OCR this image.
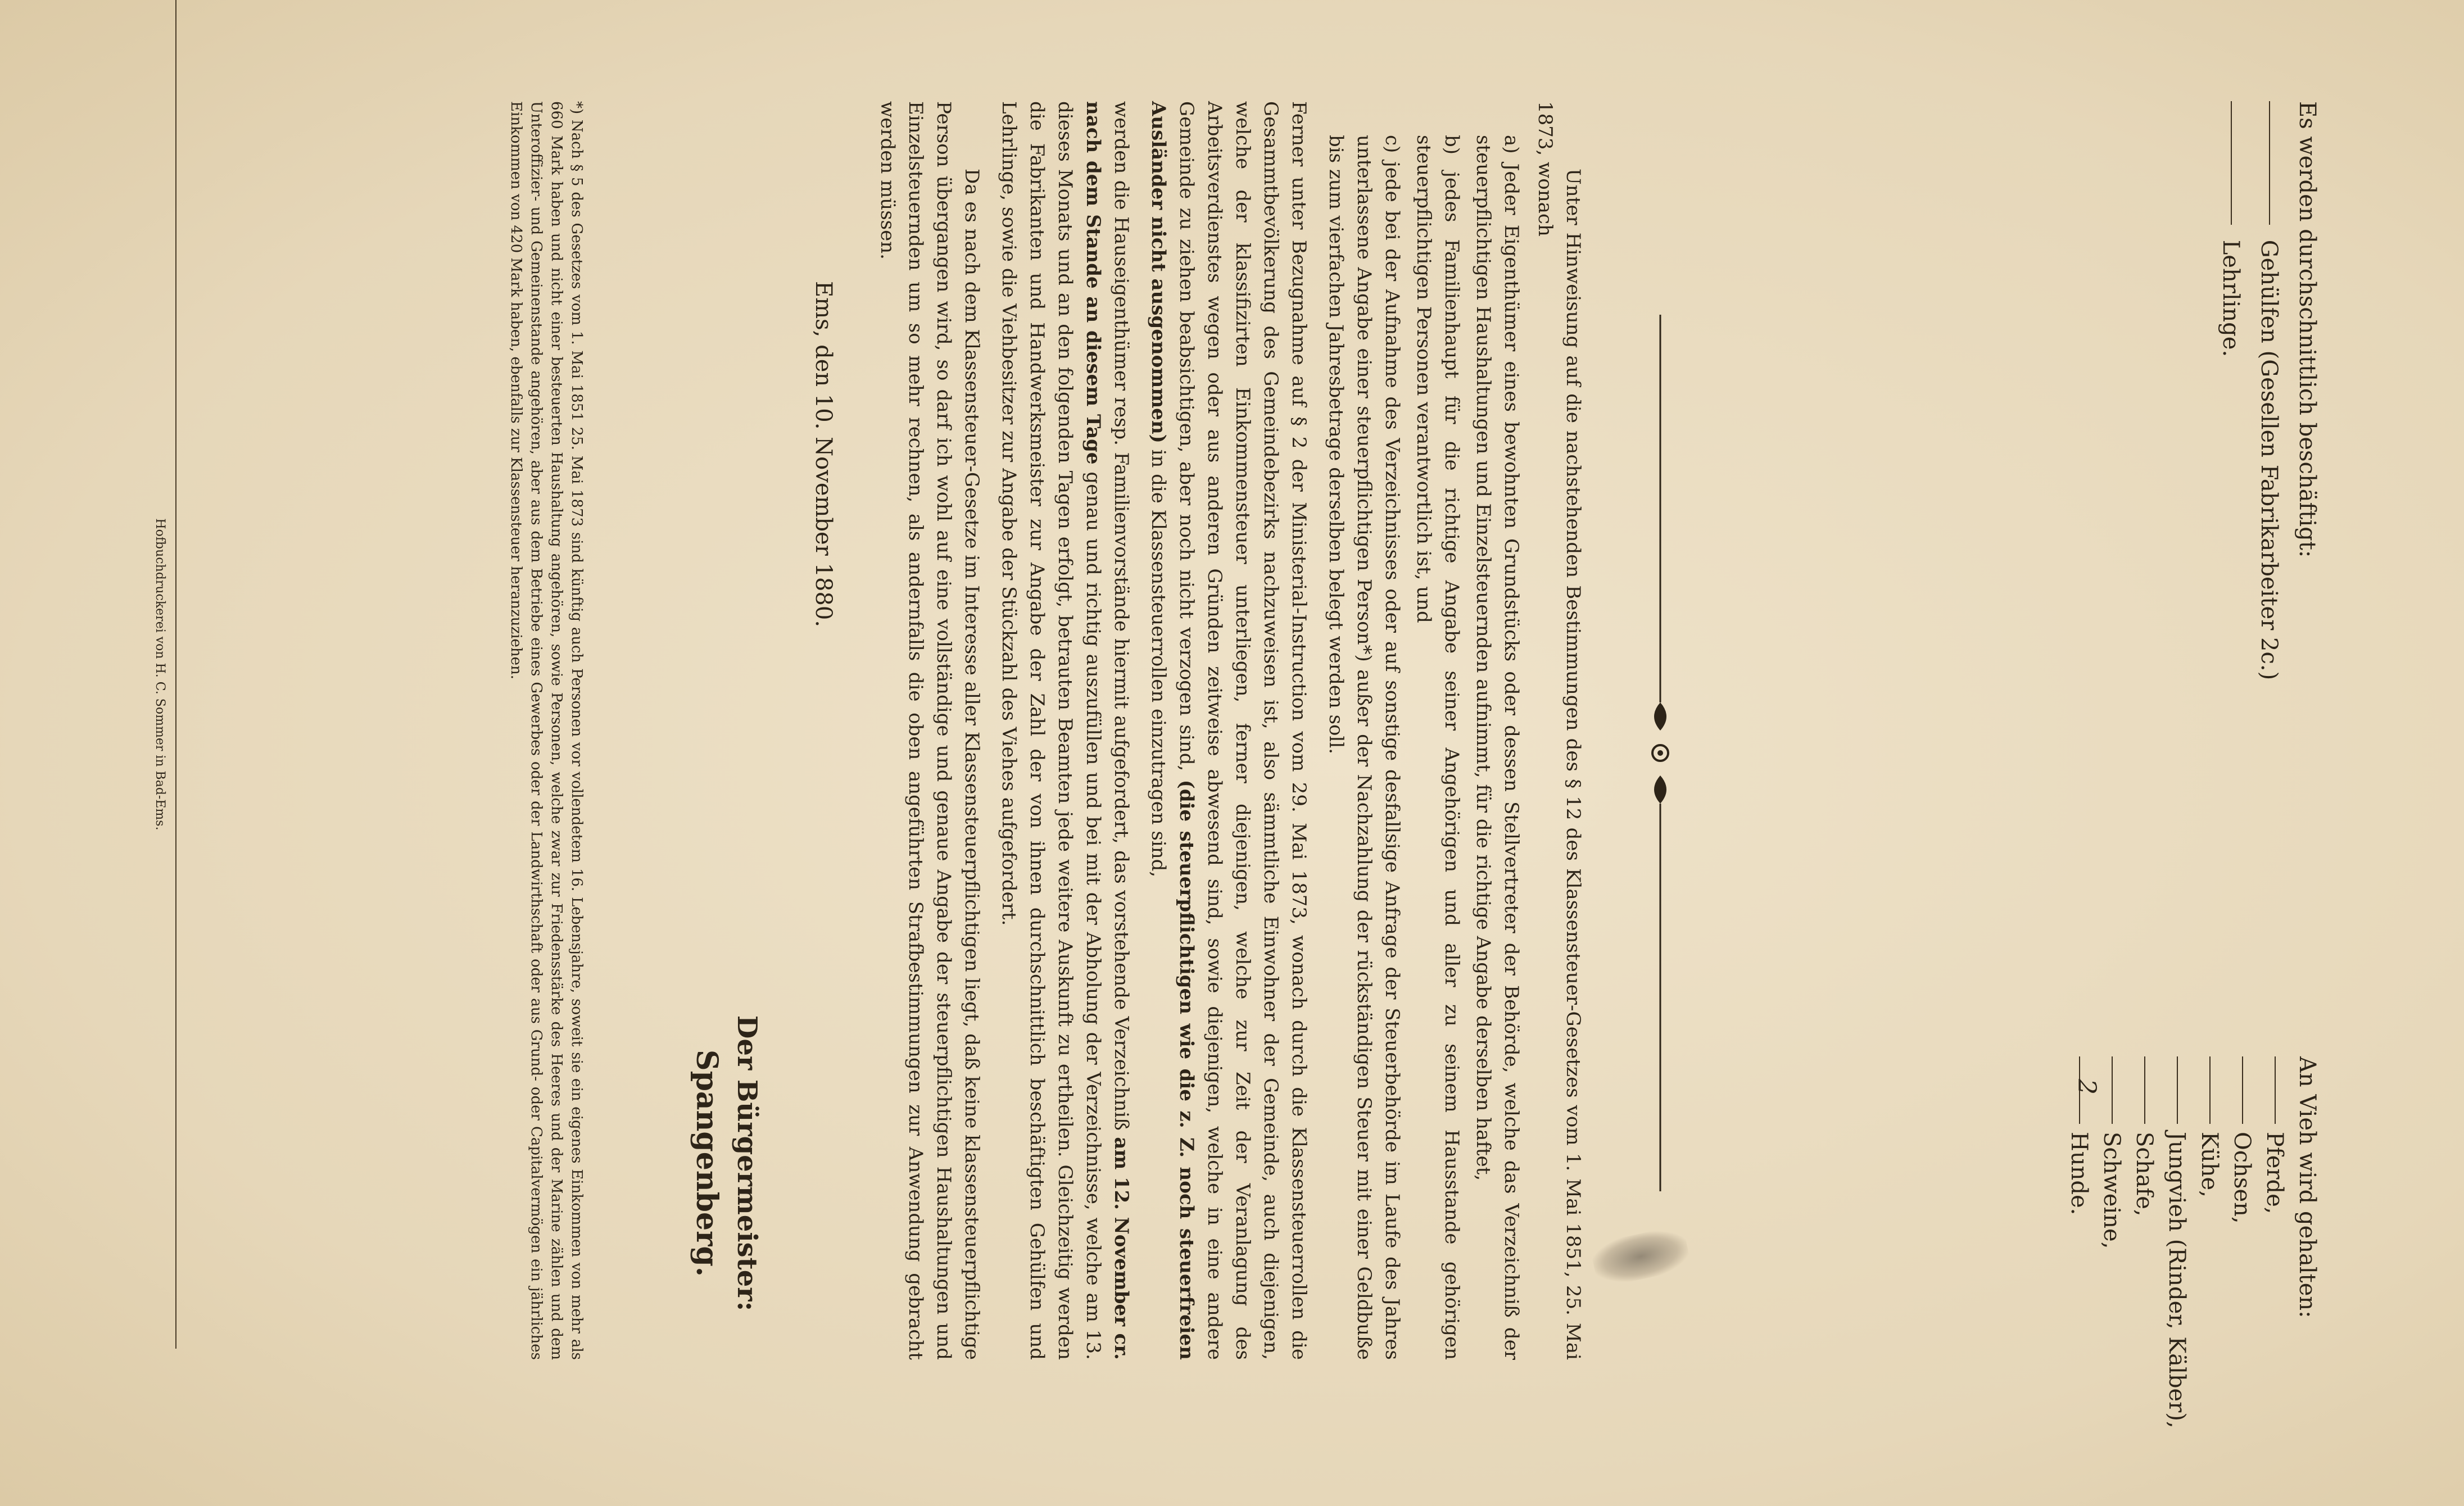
Es werden durchschnittlich beschäftigt:
Gehülfen (Gesellen Fabrikarbeiter 2c.)
Lehrlinge.
An Vieh wird gehalten:
Pferde,
Ochsen,
Kühe,
Jungvieh (Rinder, Kälber),
Schafe,
Schweine,
2
Hunde.

Unter Hinweisung auf die nachstehenden Bestimmungen des § 12 des Klassensteuer-Gesetzes vom 1. Mai 1851, 25. Mai 1873, wonach

a) Jeder Eigenthümer eines bewohnten Grundstücks oder dessen Stellvertreter der Behörde, welche das Verzeichniß der steuerpflichtigen Haushaltungen und Einzelsteuernden aufnimmt, für die richtige Angabe derselben haftet,

b) jedes Familienhaupt für die richtige Angabe seiner Angehörigen und aller zu seinem Hausstande gehörigen steuerpflichtigen Personen verantwortlich ist, und

c) jede bei der Aufnahme des Verzeichnisses oder auf sonstige desfallsige Anfrage der Steuerbehörde im Laufe des Jahres unterlassene Angabe einer steuerpflichtigen Person*) außer der Nachzahlung der rückständigen Steuer mit einer Geldbuße bis zum vierfachen Jahresbetrage derselben belegt werden soll.

Ferner unter Bezugnahme auf § 2 der Ministerial-Instruction vom 29. Mai 1873, wonach durch die Klassensteuerrollen die Gesammtbevölkerung des Gemeindebezirks nachzuweisen ist, also sämmtliche Einwohner der Gemeinde, auch diejenigen, welche der klassifizirten Einkommensteuer unterliegen, ferner diejenigen, welche zur Zeit der Veranlagung des Arbeitsverdienstes wegen oder aus anderen Gründen zeitweise abwesend sind, sowie diejenigen, welche in eine andere Gemeinde zu ziehen beabsichtigen, aber noch nicht verzogen sind, (die steuerpflichtigen wie die z. Z. noch steuerfreien Ausländer nicht ausgenommen) in die Klassensteuerrollen einzutragen sind,

werden die Hauseigenthümer resp. Familienvorstände hiermit aufgefordert, das vorstehende Verzeichniß am 12. November cr. nach dem Stande an diesem Tage genau und richtig auszufüllen und bei mit der Abholung der Verzeichnisse, welche am 13. dieses Monats und an den folgenden Tagen erfolgt, betrauten Beamten jede weitere Auskunft zu ertheilen. Gleichzeitig werden die Fabrikanten und Handwerksmeister zur Angabe der Zahl der von ihnen durchschnittlich beschäftigten Gehülfen und Lehrlinge, sowie die Viehbesitzer zur Angabe der Stückzahl des Viehes aufgefordert.

Da es nach dem Klassensteuer-Gesetze im Interesse aller Klassensteuerpflichtigen liegt, daß keine klassensteuerpflichtige Person übergangen wird, so darf ich wohl auf eine vollständige und genaue Angabe der steuerpflichtigen Haushaltungen und Einzelsteuernden um so mehr rechnen, als andernfalls die oben angeführten Strafbestimmungen zur Anwendung gebracht werden müssen.

Ems, den 10. November 1880.
Der Bürgermeister:
Spangenberg.
*) Nach § 5 des Gesetzes vom 1. Mai 1851 25. Mai 1873 sind künftig auch Personen vor vollendetem 16. Lebensjahre, soweit sie ein eigenes Einkommen von mehr als 660 Mark haben und nicht einer besteuerten Haushaltung angehören, sowie Personen, welche zwar zur Friedensstärke des Heeres und der Marine zählen und dem Unteroffizier- und Gemeinenstande angehören, aber aus dem Betriebe eines Gewerbes oder der Landwirthschaft oder aus Grund- oder Capitalvermögen ein jährliches Einkommen von 420 Mark haben, ebenfalls zur Klassensteuer heranzuziehen.
Hofbuchdruckerei von H. C. Sommer in Bad-Ems.
